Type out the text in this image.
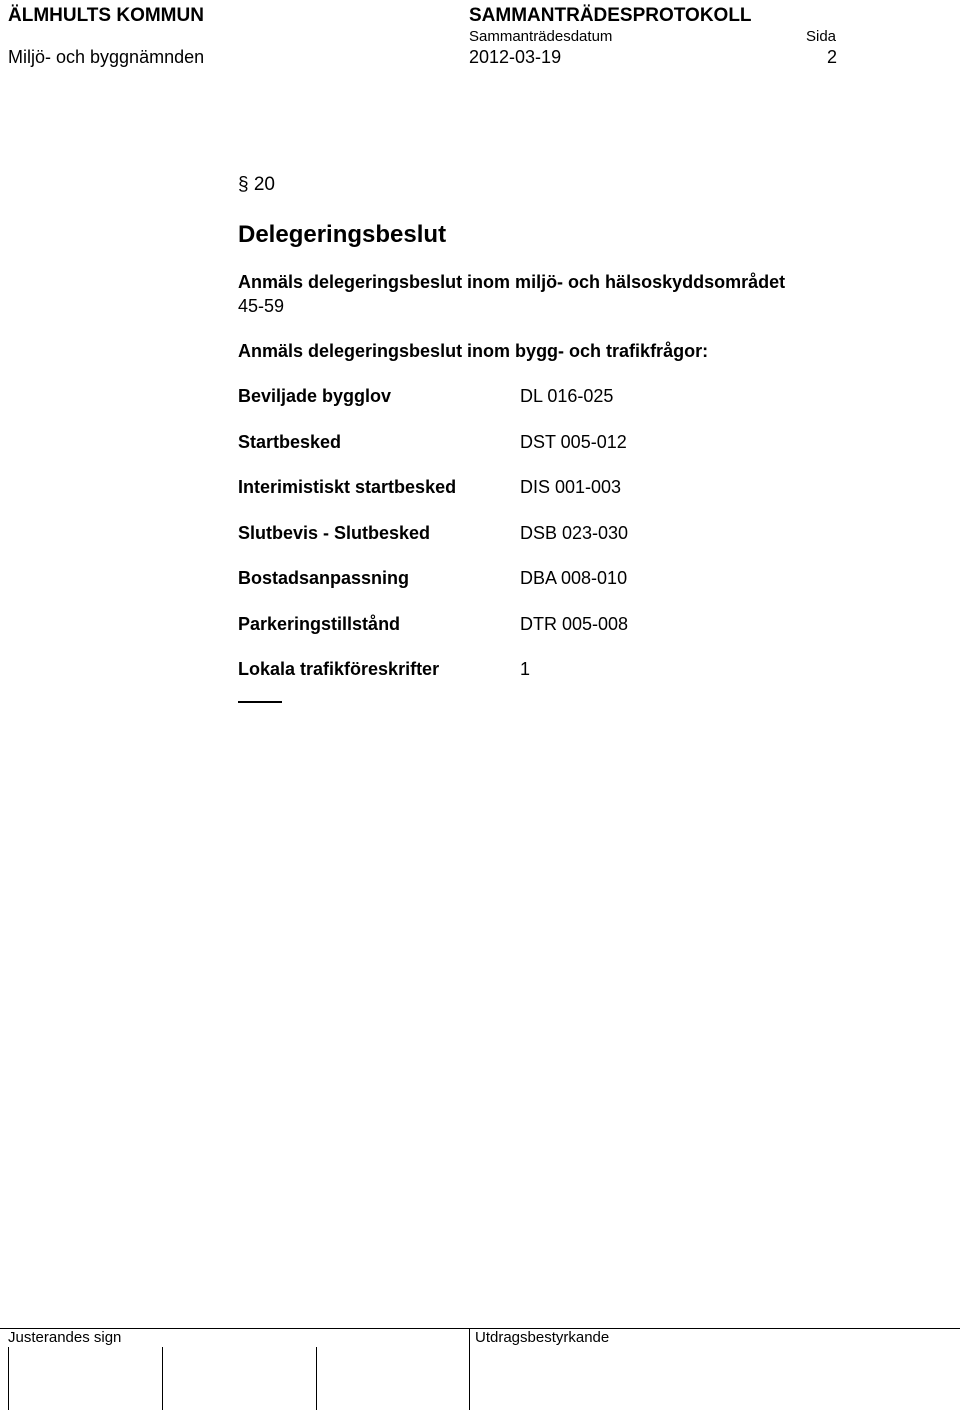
ÄLMHULTS KOMMUN	SAMMANTRÄDESPROTOKOLL
Sammanträdesdatum	Sida
Miljö- och byggnämnden	2012-03-19	2
§ 20
Delegeringsbeslut
Anmäls delegeringsbeslut inom miljö- och hälsoskyddsområdet
45-59
Anmäls delegeringsbeslut inom bygg- och trafikfrågor:
Beviljade bygglov	DL 016-025
Startbesked	DST 005-012
Interimistiskt startbesked	DIS 001-003
Slutbevis - Slutbesked	DSB 023-030
Bostadsanpassning	DBA 008-010
Parkeringstillstånd	DTR 005-008
Lokala trafikföreskrifter	1
Justerandes sign	Utdragsbestyrkande
